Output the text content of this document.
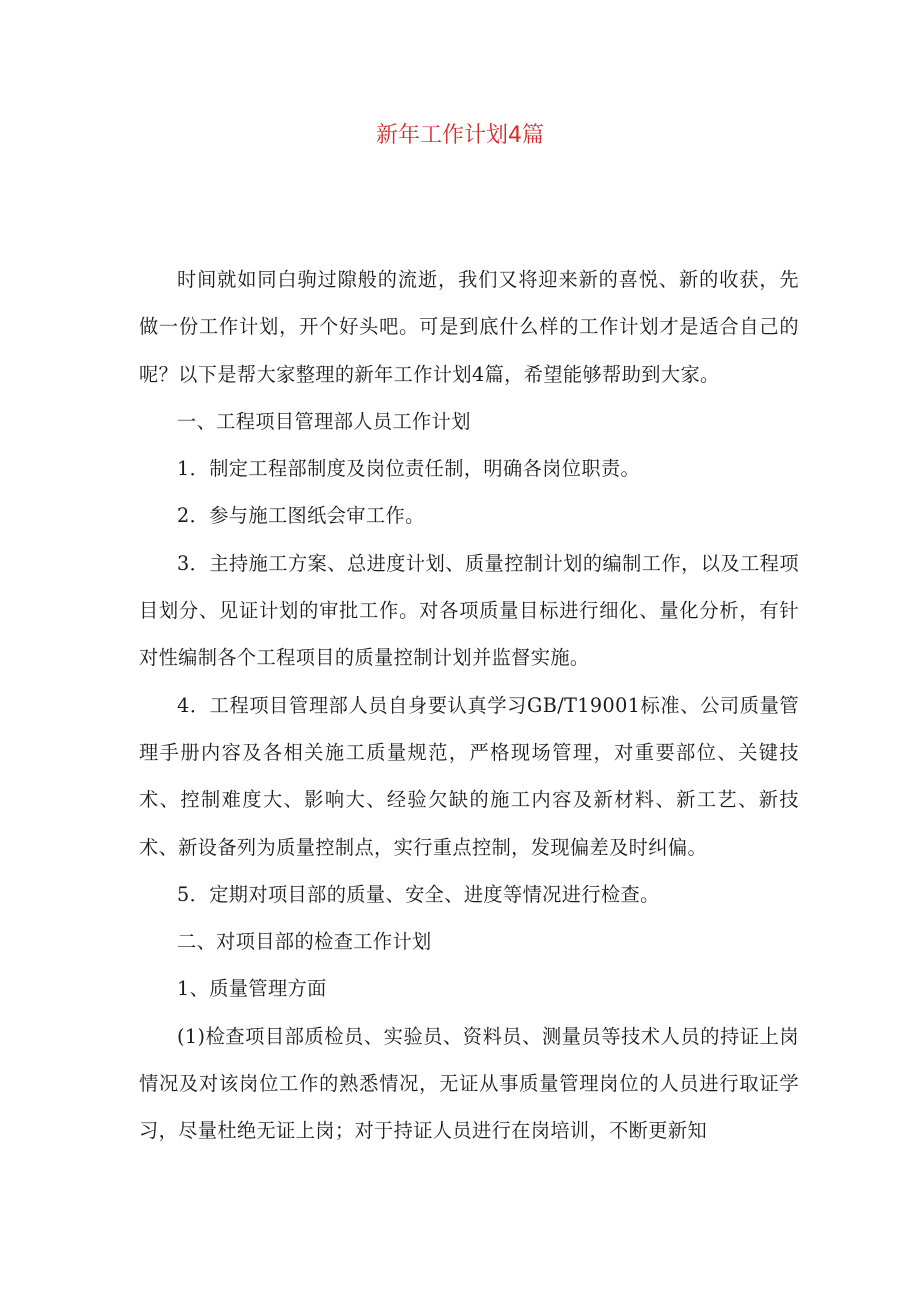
新年工作计划4篇

时间就如同白驹过隙般的流逝，我们又将迎来新的喜悦、新的收获，先做一份工作计划，开个好头吧。可是到底什么样的工作计划才是适合自己的呢？以下是帮大家整理的新年工作计划4篇，希望能够帮助到大家。

一、工程项目管理部人员工作计划

1．制定工程部制度及岗位责任制，明确各岗位职责。

2．参与施工图纸会审工作。

3．主持施工方案、总进度计划、质量控制计划的编制工作，以及工程项目划分、见证计划的审批工作。对各项质量目标进行细化、量化分析，有针对性编制各个工程项目的质量控制计划并监督实施。

4．工程项目管理部人员自身要认真学习GB/T19001标准、公司质量管理手册内容及各相关施工质量规范，严格现场管理，对重要部位、关键技术、控制难度大、影响大、经验欠缺的施工内容及新材料、新工艺、新技术、新设备列为质量控制点，实行重点控制，发现偏差及时纠偏。

5．定期对项目部的质量、安全、进度等情况进行检查。

二、对项目部的检查工作计划

1、质量管理方面

(1)检查项目部质检员、实验员、资料员、测量员等技术人员的持证上岗情况及对该岗位工作的熟悉情况，无证从事质量管理岗位的人员进行取证学习，尽量杜绝无证上岗；对于持证人员进行在岗培训，不断更新知
